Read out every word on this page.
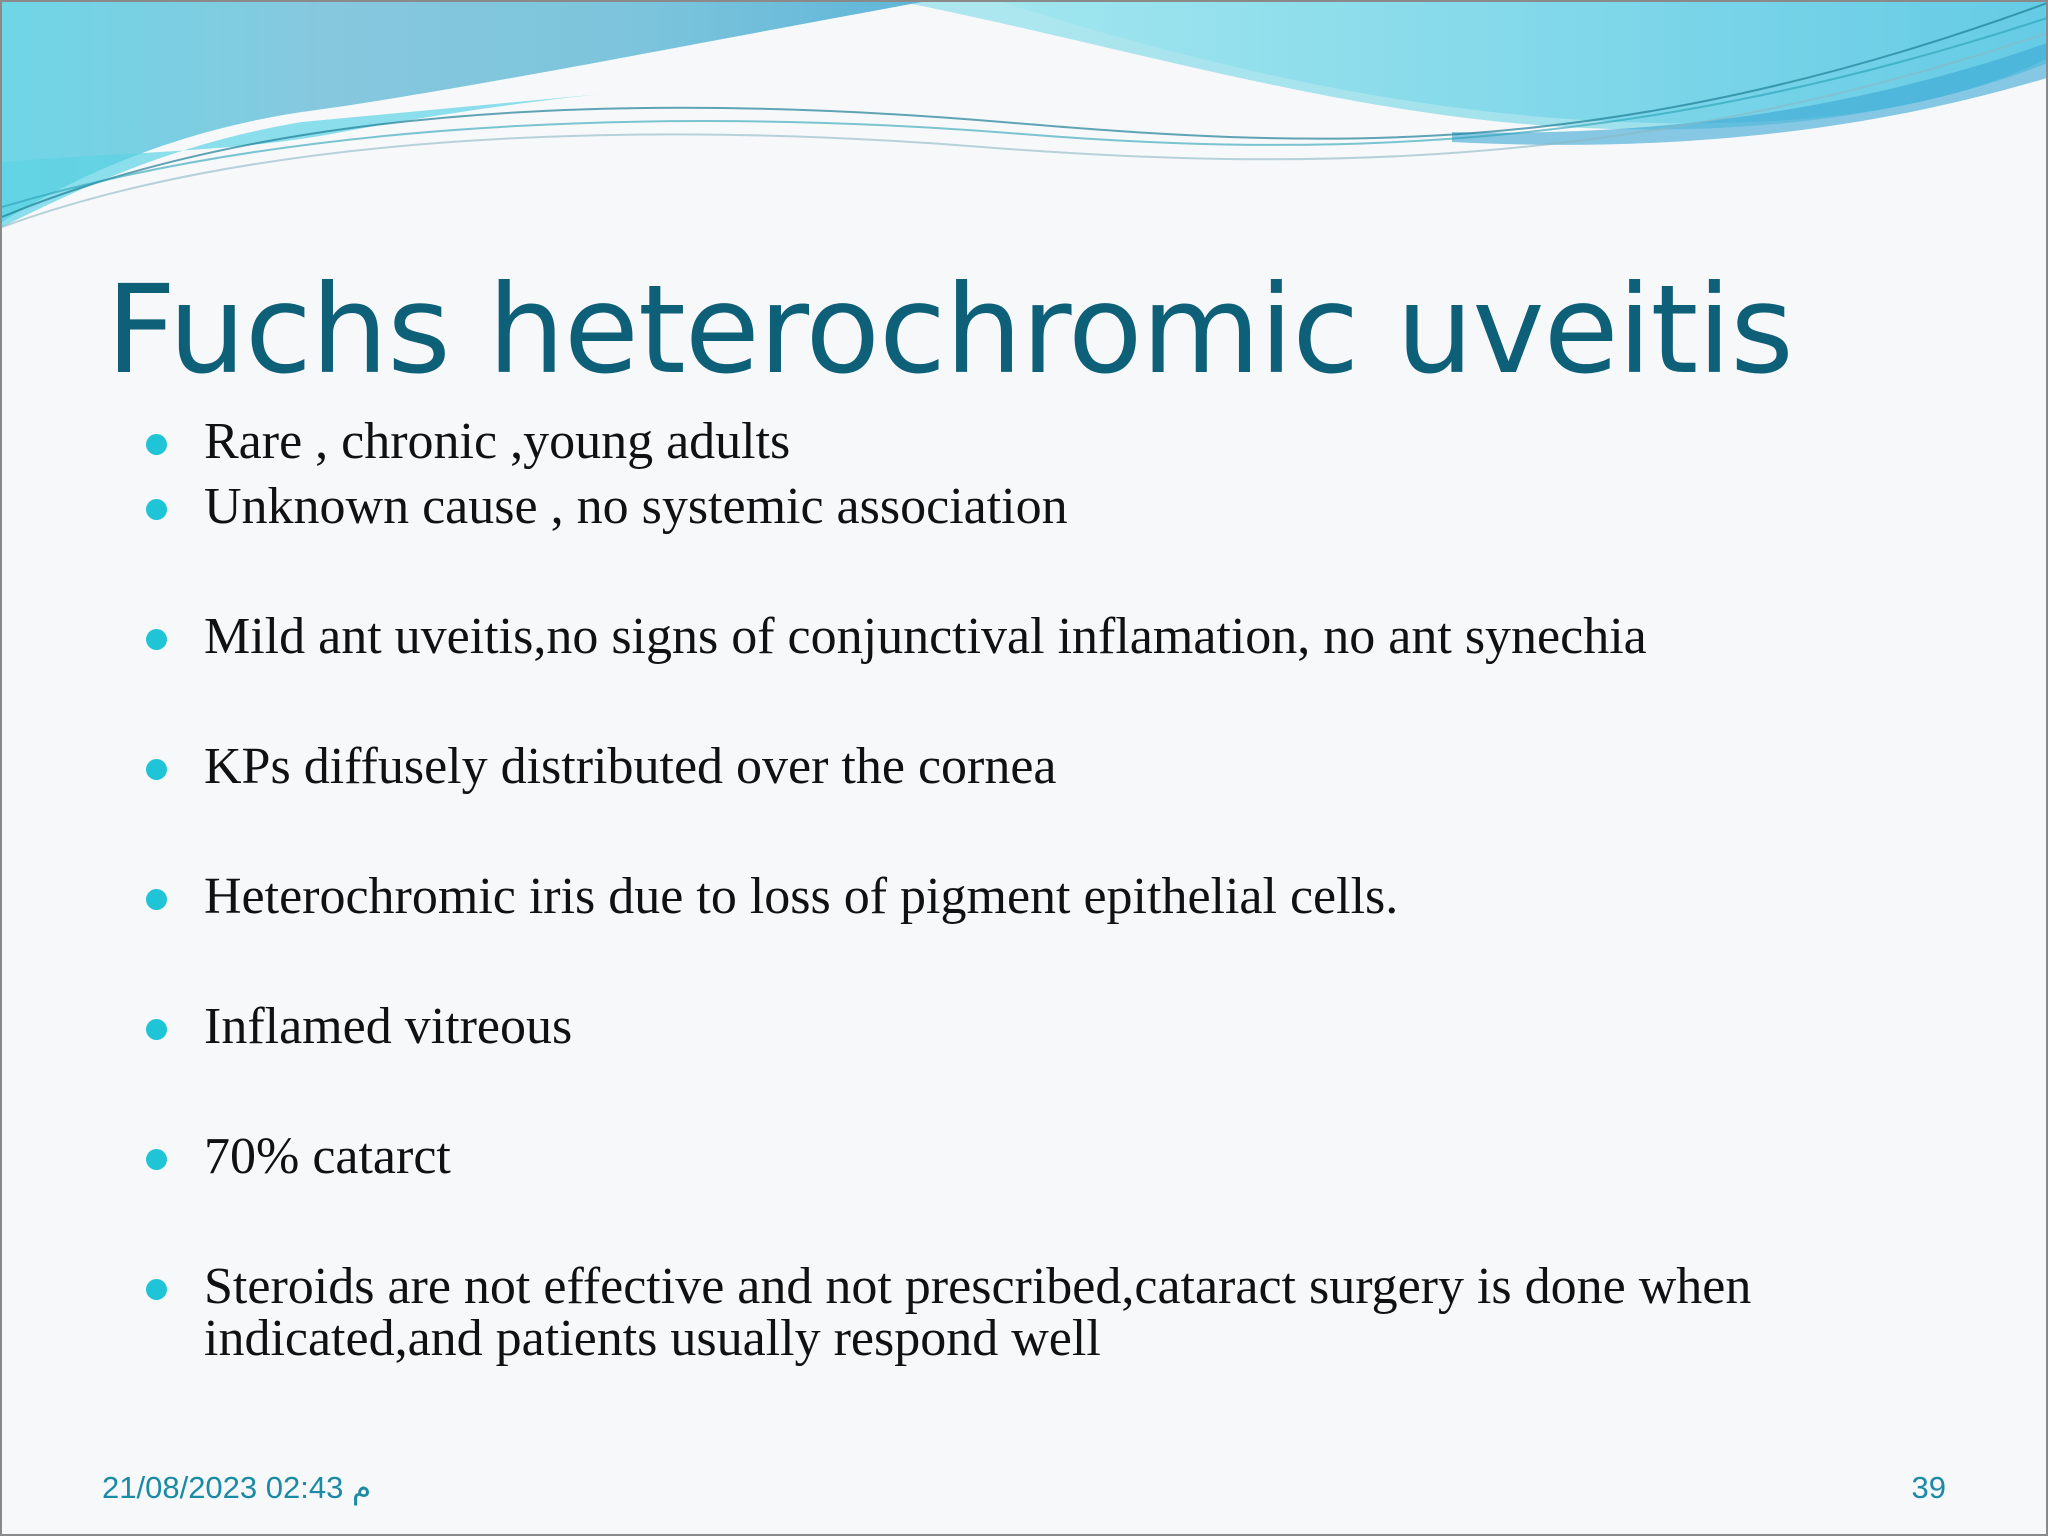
Fuchs heterochromic uveitis
Rare , chronic ,young adults
Unknown cause , no systemic association
Mild ant uveitis,no signs of conjunctival inflamation, no ant synechia
KPs diffusely distributed over the cornea
Heterochromic iris due to loss of pigment epithelial cells.
Inflamed vitreous
70% catarct
Steroids are not effective and not prescribed,cataract surgery is done when indicated,and patients usually respond well
21/08/2023 02:43 م	39
